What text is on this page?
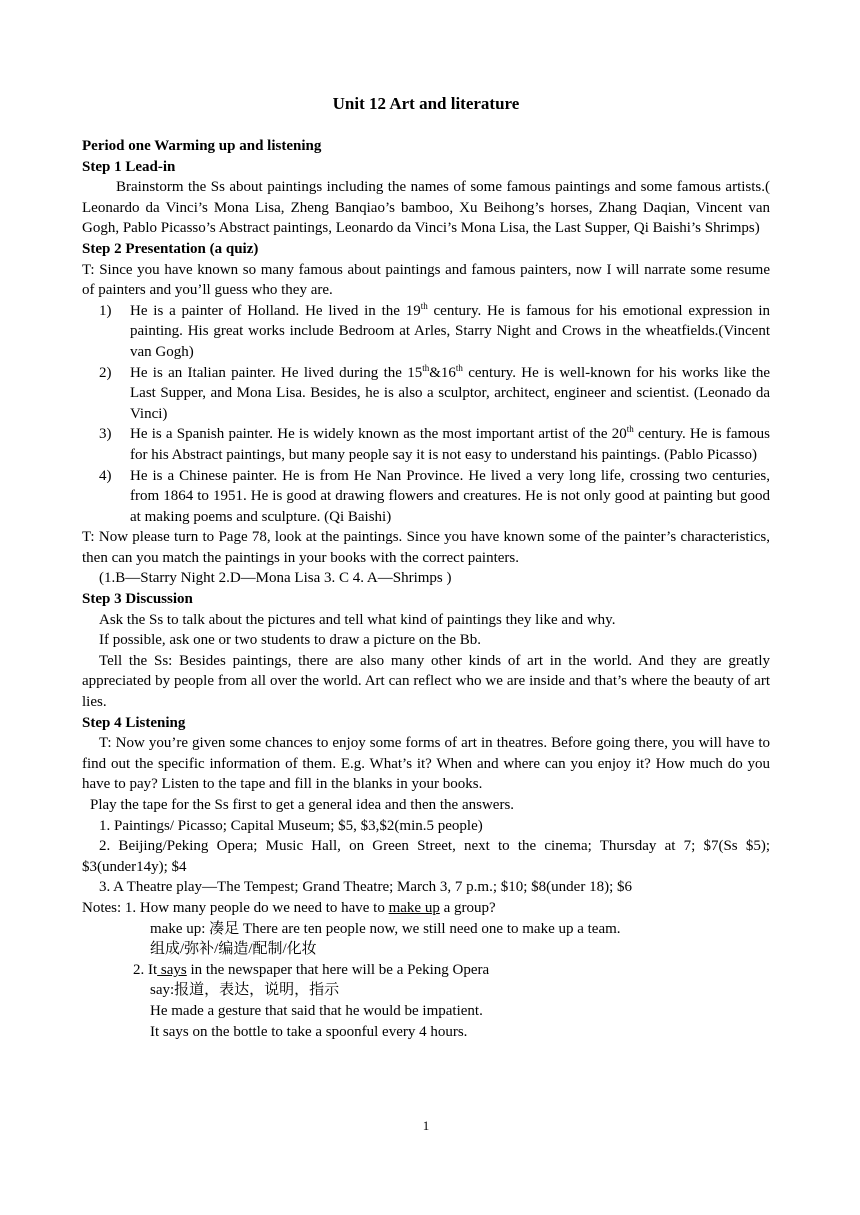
Unit 12 Art and literature
Period one Warming up and listening
Step 1 Lead-in
Brainstorm the Ss about paintings including the names of some famous paintings and some famous artists.( Leonardo da Vinci’s Mona Lisa, Zheng Banqiao’s bamboo, Xu Beihong’s horses, Zhang Daqian, Vincent van Gogh, Pablo Picasso’s Abstract paintings, Leonardo da Vinci’s Mona Lisa, the Last Supper, Qi Baishi’s Shrimps)
Step 2 Presentation (a quiz)
T: Since you have known so many famous about paintings and famous painters, now I will narrate some resume of painters and you’ll guess who they are.
1) He is a painter of Holland. He lived in the 19th century. He is famous for his emotional expression in painting. His great works include Bedroom at Arles, Starry Night and Crows in the wheatfields.(Vincent van Gogh)
2) He is an Italian painter. He lived during the 15th&16th century. He is well-known for his works like the Last Supper, and Mona Lisa. Besides, he is also a sculptor, architect, engineer and scientist. (Leonado da Vinci)
3) He is a Spanish painter. He is widely known as the most important artist of the 20th century. He is famous for his Abstract paintings, but many people say it is not easy to understand his paintings. (Pablo Picasso)
4) He is a Chinese painter. He is from He Nan Province. He lived a very long life, crossing two centuries, from 1864 to 1951. He is good at drawing flowers and creatures. He is not only good at painting but good at making poems and sculpture. (Qi Baishi)
T: Now please turn to Page 78, look at the paintings. Since you have known some of the painter’s characteristics, then can you match the paintings in your books with the correct painters.
(1.B—Starry Night 2.D—Mona Lisa 3. C 4. A—Shrimps )
Step 3 Discussion
Ask the Ss to talk about the pictures and tell what kind of paintings they like and why.
If possible, ask one or two students to draw a picture on the Bb.
Tell the Ss: Besides paintings, there are also many other kinds of art in the world. And they are greatly appreciated by people from all over the world. Art can reflect who we are inside and that’s where the beauty of art lies.
Step 4 Listening
T: Now you’re given some chances to enjoy some forms of art in theatres. Before going there, you will have to find out the specific information of them. E.g. What’s it? When and where can you enjoy it? How much do you have to pay? Listen to the tape and fill in the blanks in your books.
Play the tape for the Ss first to get a general idea and then the answers.
1. Paintings/ Picasso; Capital Museum; $5, $3,$2(min.5 people)
2. Beijing/Peking Opera; Music Hall, on Green Street, next to the cinema; Thursday at 7; $7(Ss $5); $3(under14y); $4
3. A Theatre play—The Tempest; Grand Theatre; March 3, 7 p.m.; $10; $8(under 18); $6
Notes: 1. How many people do we need to have to make up a group?
make up: 凑足 There are ten people now, we still need one to make up a team.
组成/弥补/编造/配制/化妆
2. It says in the newspaper that here will be a Peking Opera
say:报道，表达，说明，指示
He made a gesture that said that he would be impatient.
It says on the bottle to take a spoonful every 4 hours.
1
